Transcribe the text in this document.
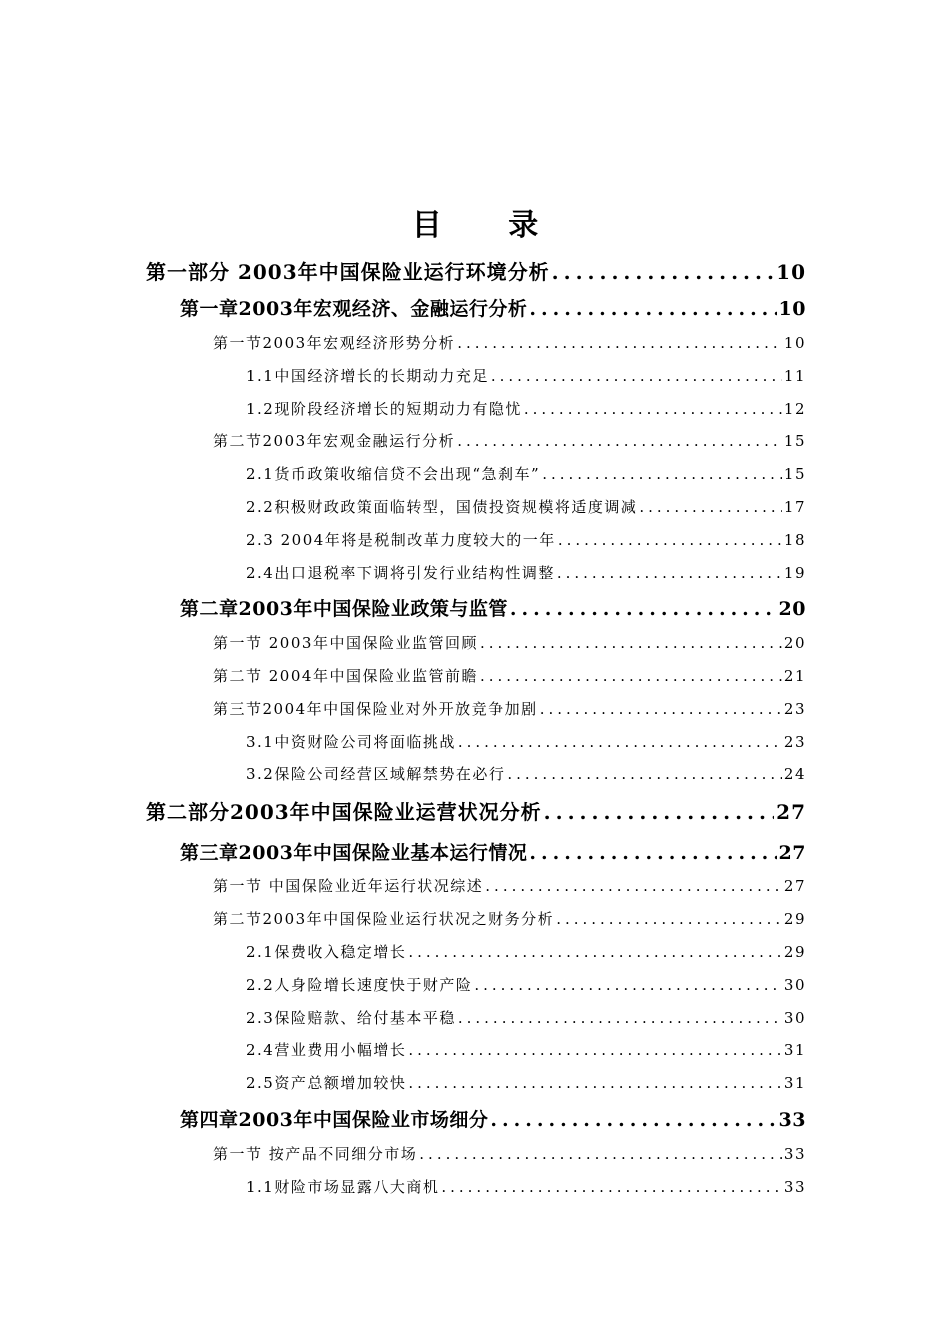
目 录
第一部分 2003年中国保险业运行环境分析 .....	10
第一章2003年宏观经济、金融运行分析 .....	10
第一节2003年宏观经济形势分析 .....	10
1.1中国经济增长的长期动力充足 .....	11
1.2现阶段经济增长的短期动力有隐忧 .....	12
第二节2003年宏观金融运行分析 .....	15
2.1货币政策收缩信贷不会出现“急刹车” .....	15
2.2积极财政政策面临转型，国债投资规模将适度调减 .....	17
2.3 2004年将是税制改革力度较大的一年 .....	18
2.4出口退税率下调将引发行业结构性调整 .....	19
第二章2003年中国保险业政策与监管 .....	20
第一节 2003年中国保险业监管回顾 .....	20
第二节 2004年中国保险业监管前瞻 .....	21
第三节2004年中国保险业对外开放竞争加剧 .....	23
3.1中资财险公司将面临挑战 .....	23
3.2保险公司经营区域解禁势在必行 .....	24
第二部分2003年中国保险业运营状况分析 .....	27
第三章2003年中国保险业基本运行情况 .....	27
第一节 中国保险业近年运行状况综述 .....	27
第二节2003年中国保险业运行状况之财务分析 .....	29
2.1保费收入稳定增长 .....	29
2.2人身险增长速度快于财产险 .....	30
2.3保险赔款、给付基本平稳 .....	30
2.4营业费用小幅增长 .....	31
2.5资产总额增加较快 .....	31
第四章2003年中国保险业市场细分 .....	33
第一节 按产品不同细分市场 .....	33
1.1财险市场显露八大商机 .....	33
